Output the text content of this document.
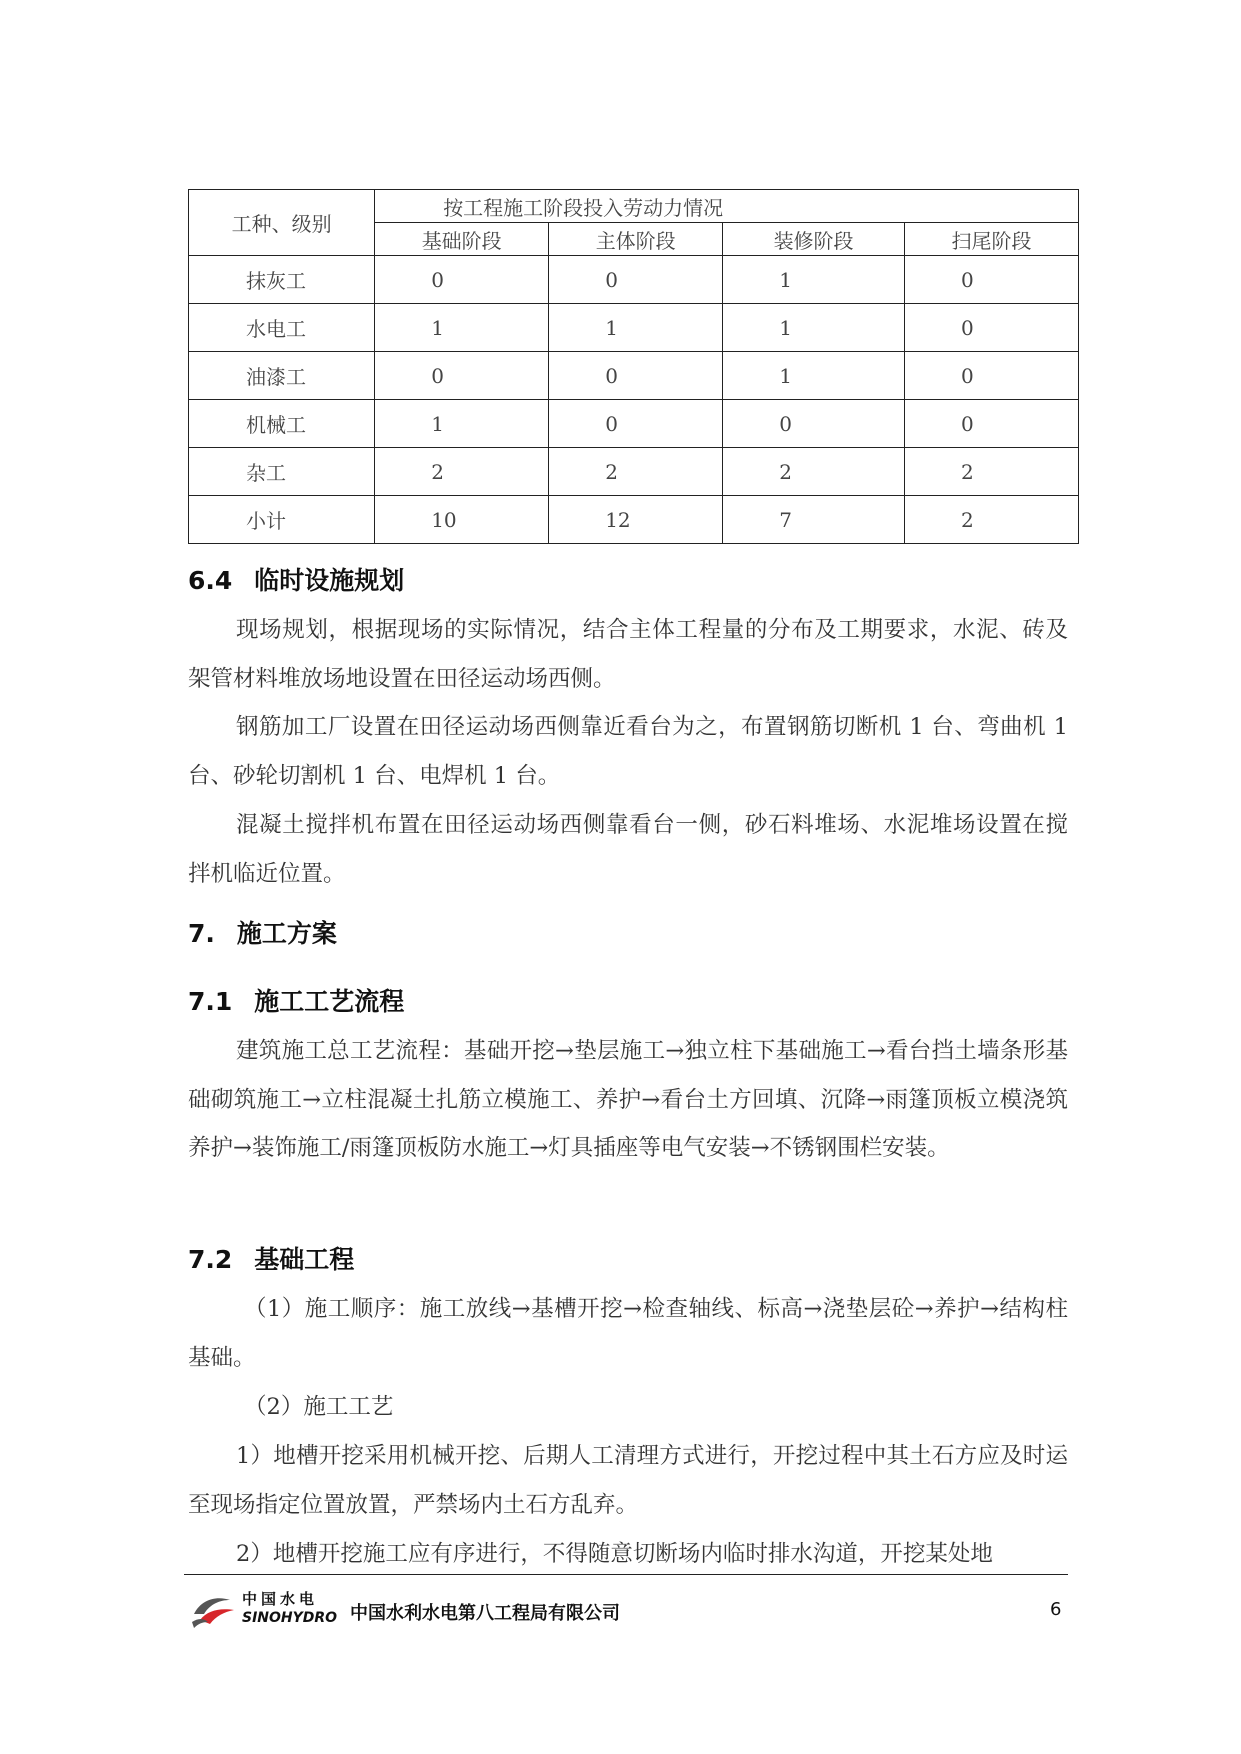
工种、级别	按工程施工阶段投入劳动力情况			
	基础阶段	主体阶段	装修阶段	扫尾阶段
抹灰工	0	0	1	0
水电工	1	1	1	0
油漆工	0	0	1	0
机械工	1	0	0	0
杂工	2	2	2	2
小计	10	12	7	2
6.4 临时设施规划

现场规划，根据现场的实际情况，结合主体工程量的分布及工期要求，水泥、砖及架管材料堆放场地设置在田径运动场西侧。

钢筋加工厂设置在田径运动场西侧靠近看台为之，布置钢筋切断机 1 台、弯曲机 1 台、砂轮切割机 1 台、电焊机 1 台。

混凝土搅拌机布置在田径运动场西侧靠看台一侧，砂石料堆场、水泥堆场设置在搅拌机临近位置。

7. 施工方案
7.1 施工工艺流程

建筑施工总工艺流程：基础开挖→垫层施工→独立柱下基础施工→看台挡土墙条形基础砌筑施工→立柱混凝土扎筋立模施工、养护→看台土方回填、沉降→雨篷顶板立模浇筑养护→装饰施工/雨篷顶板防水施工→灯具插座等电气安装→不锈钢围栏安装。

7.2 基础工程

（1）施工顺序：施工放线→基槽开挖→检查轴线、标高→浇垫层砼→养护→结构柱基础。

（2）施工工艺

1）地槽开挖采用机械开挖、后期人工清理方式进行，开挖过程中其土石方应及时运至现场指定位置放置，严禁场内土石方乱弃。

2）地槽开挖施工应有序进行，不得随意切断场内临时排水沟道，开挖某处地

中国水电
SINOHYDRO 中国水利水电第八工程局有限公司	6
